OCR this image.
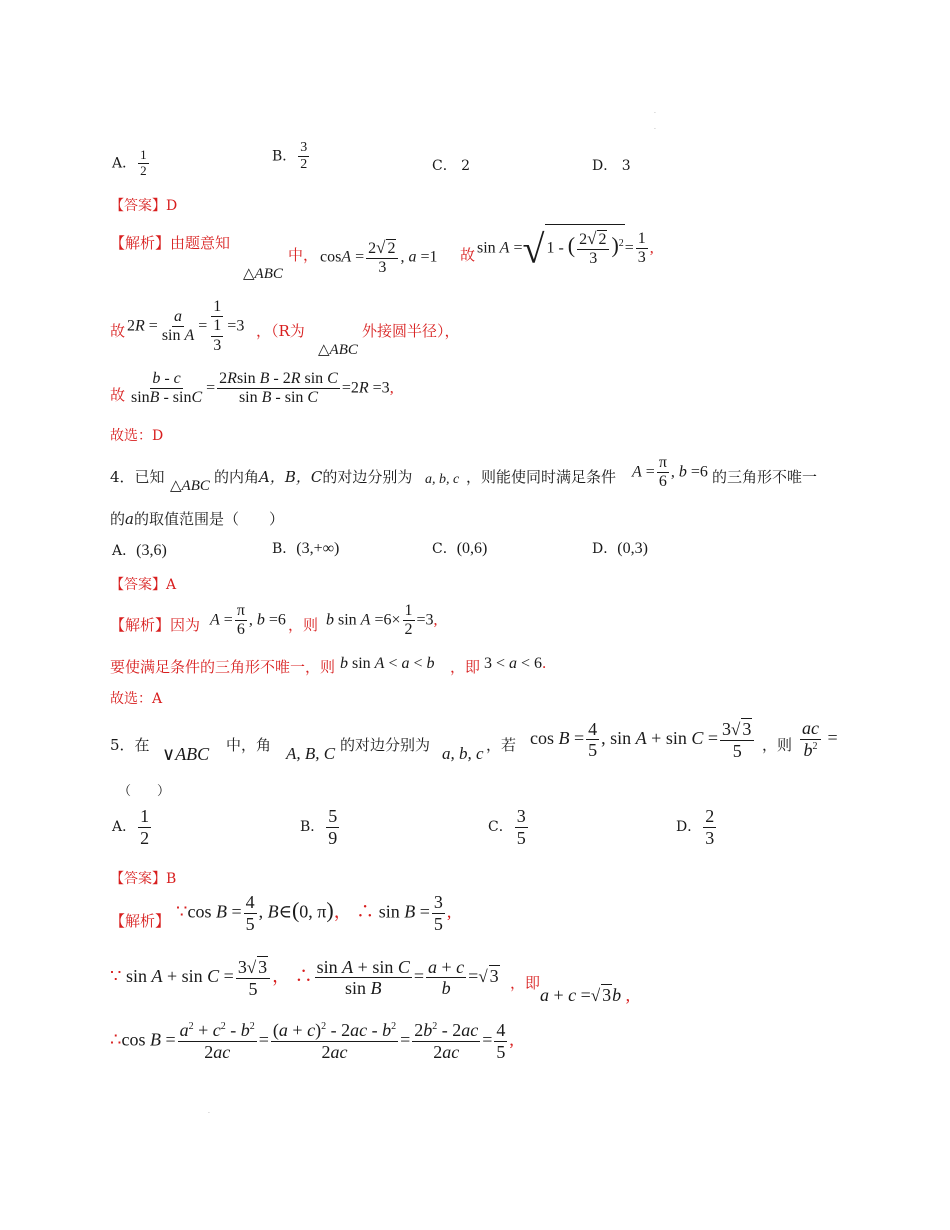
.
.
A． $\frac{1}{2}$	B． $\frac{3}{2}$	C． 2	D． 3
【答案】D
【解析】由题意知
△ABC
中， $\cos A = \frac{2√ 2}{3}$ , a =1 故 sin A =√ 1 - ( $\frac{2√ 2}{3} )^2= \frac{1}{3}$ ,
故 $2R = \frac{a}{\text{sin A}} = \frac{1}{\frac{1}{3}} =3$ ，（R为
△ABC
外接圆半径），
故 $\frac{b - c}{\sin B - \sin C} = \frac{\text{2Rsin B - 2R sin C}}{\text{sin B - sin C}} =2R =3$,
故选：D
4．已知 △ABC 的内角A，B，C的对边分别为 a, b, c ，则能使同时满足条件 $A = \frac{\pi}{6}$ , b =6 的三角形不唯一
的a的取值范围是（　　）
A．(3,6)	B．(3,+∞)	C．(0,6)	D．(0,3)
【答案】A
【解析】因为 $A = \frac{\pi}{6}$ , b =6 ，则 b $\sin A =6\times \frac{1}{2} =3$,
要使满足条件的三角形不唯一，则 b sin A < a < b ，即 3 < a < 6.
故选：A
5．在 ∨ABC 中，角 A, B, C 的对边分别为 a, b, c ，若 $\cos B = \frac{4}{5}$ , $\sin A + \sin C = \frac{3√ 3}{5}$ ，则 $\frac{ac}{b^2}$ =
（　　）
A． $\frac{1}{2}$	B． $\frac{5}{9}$	C． $\frac{3}{5}$	D． $\frac{2}{3}$
【答案】B
【解析】 ∵cos $B = \frac{4}{5}$ , B∈(0, π)， ∴ $\sin B = \frac{3}{5}$ ,
∵ $\sin A + \sin C = \frac{3√ 3}{5}$ ， ∴ $\frac{\text{sin A + sin C}}{\text{sin B}} = \frac{a + c}{b}$ =√ 3 ，即
a + c =√ 3b ,
∴cos $B = \frac{a^2 + c^2 - b^2}{2ac} = \frac{(a + c)^2 - 2ac - b^2}{2ac} = \frac{2b^2 - 2ac}{2ac} = \frac{4}{5}$ ,
.
